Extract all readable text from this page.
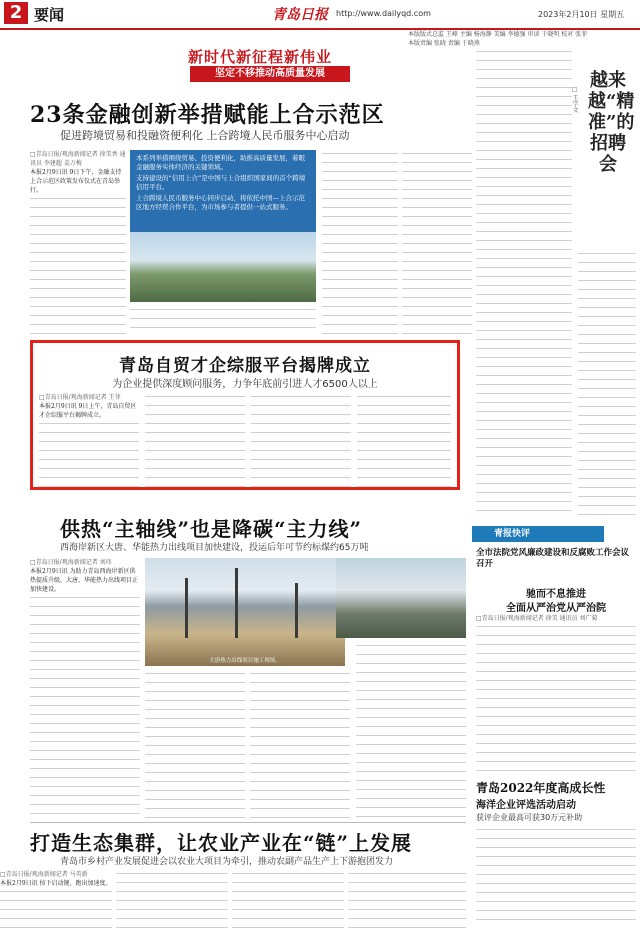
2 要闻	青岛日报 http://www.dailyqd.com	2023年2月10日 星期五
本版版式总监 王峰 主编 杨海静 美编 李德强 审读 于晓明 校对 张菲
本版责编 张晓 责编 于晓燕
新时代新征程新伟业
坚定不移推动高质量发展
23条金融创新举措赋能上合示范区
促进跨境贸易和投融资便利化 上合跨境人民币服务中心启动
□青岛日报/观海新闻记者 徐美香 通讯员 李建超 姜万梅
本报2月9日讯 9日下午，金融支持上合示范区政策发布仪式在青岛举行。
本系列举措围绕贸易、投资便利化，助推高质量发展，着眼金融服务实体经济的关键领域。
支持建设的“信用上合”是中国与上合组织国家间的首个跨境信用平台。
上合跨境人民币服务中心同步启动，将依托中国—上合示范区地方经贸合作平台，为市场参与者提供一站式服务。
越来越“精准”的招聘会
□ 王学文
青岛自贸才企综服平台揭牌成立
为企业提供深度顾问服务，力争年底前引进人才6500人以上
□青岛日报/观海新闻记者 王菲
本报2月9日讯 9日上午，青岛自贸区才企综服平台揭牌成立。
青报快评
全市法院党风廉政建设和反腐败工作会议召开
驰而不息推进
全面从严治党从严治院
□青岛日报/观海新闻记者 徐美 通讯员 刘广菊
青岛2022年度高成长性
海洋企业评选活动启动
获评企业最高可获30万元补助
供热“主轴线”也是降碳“主力线”
西海岸新区大唐、华能热力出线项目加快建设，投运后年可节约标煤约65万吨
□青岛日报/观海新闻记者 刘玮
本报2月9日讯 为助力青岛西海岸新区供热提质升级，大唐、华能热力出线项目正加快建设。
大唐热力出线项目施工现场。
打造生态集群，让农业产业在“链”上发展
青岛市乡村产业发展促进会以农业大项目为牵引，推动农副产品生产上下游抱团发力
□青岛日报/观海新闻记者 马英新
本报2月9日讯 按下启动键，跑出加速度。
